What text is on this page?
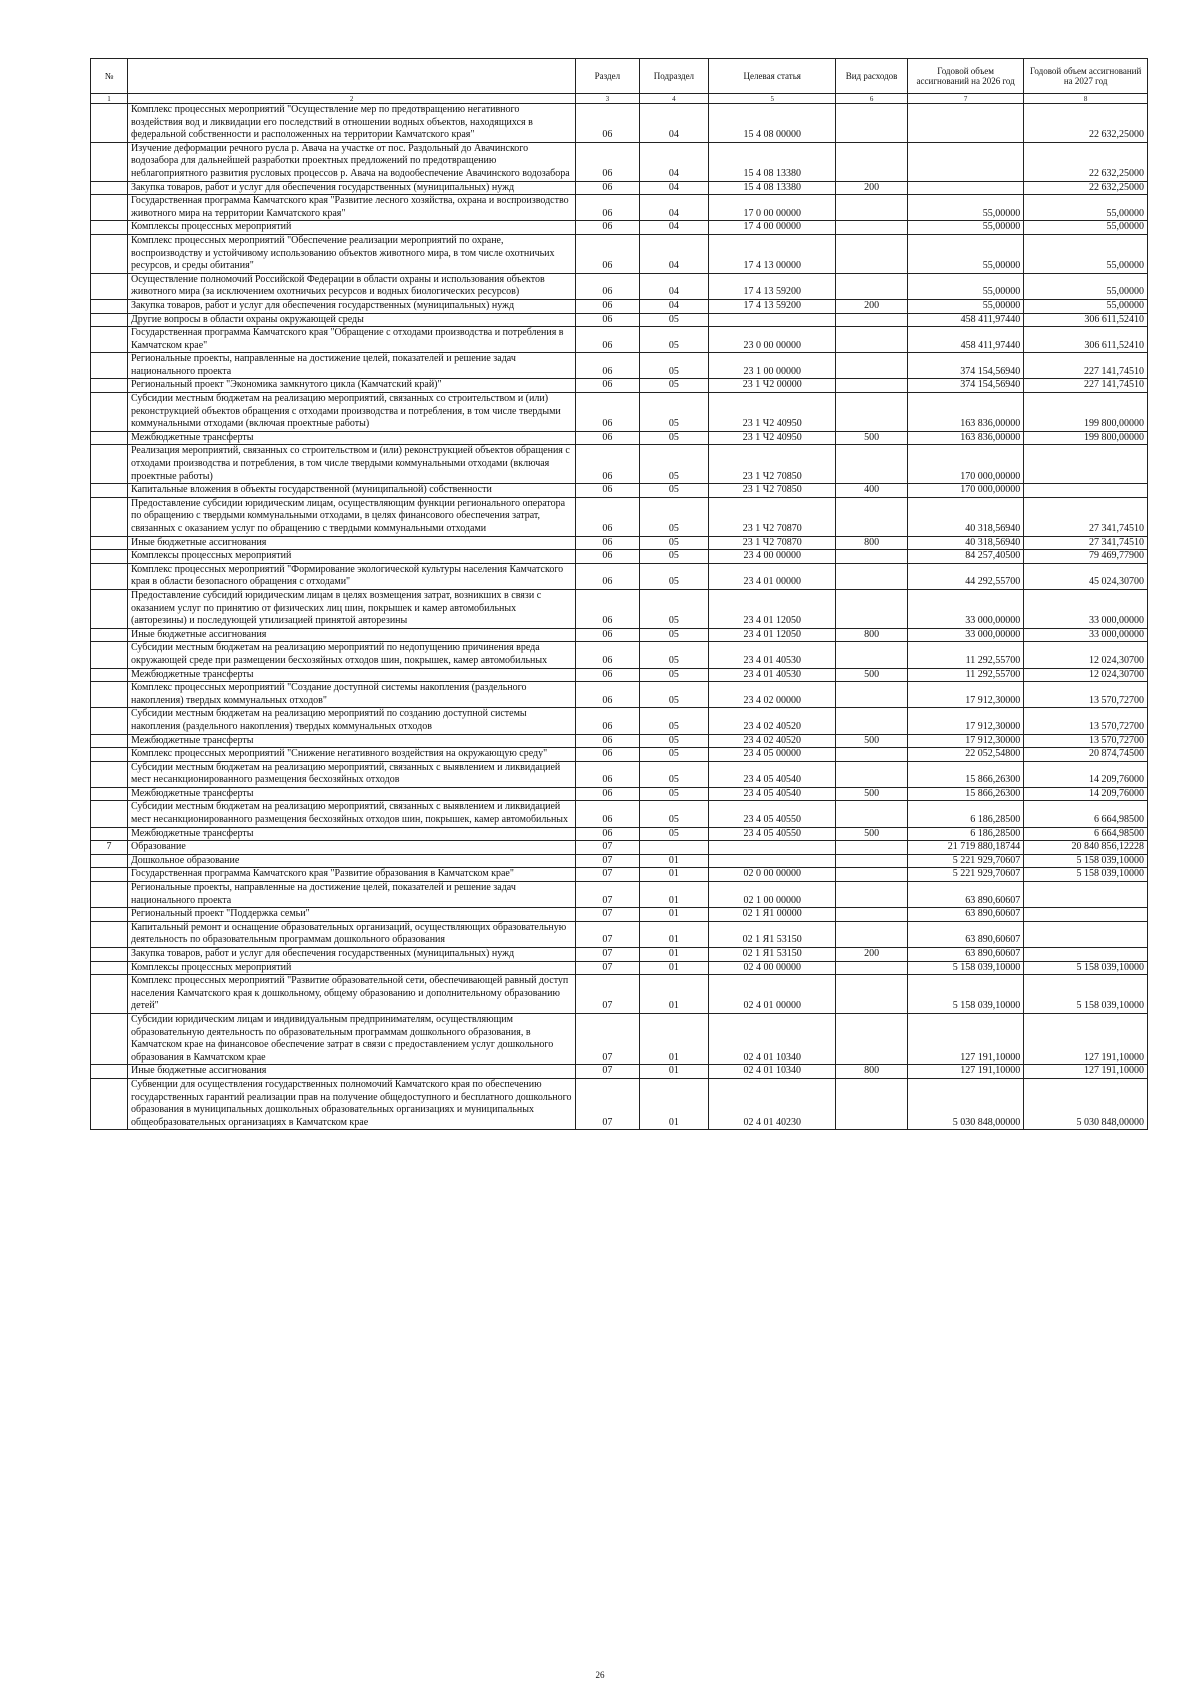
№		Раздел	Подраздел	Целевая статья	Вид расходов	Годовой объем ассигнований на 2026 год	Годовой объем ассигнований на 2027 год
1	2	3	4	5	6	7	8
	Комплекс процессных мероприятий "Осуществление мер по предотвращению негативного воздействия вод и ликвидации его последствий в отношении водных объектов, находящихся в федеральной собственности и расположенных на территории Камчатского края"	06	04	15 4 08 00000			22 632,25000
	Изучение деформации речного русла р. Авача на участке от пос. Раздольный до Авачинского водозабора для дальнейшей разработки проектных предложений по предотвращению неблагоприятного развития русловых процессов р. Авача на водообеспечение Авачинского водозабора	06	04	15 4 08 13380			22 632,25000
	Закупка товаров, работ и услуг для обеспечения государственных (муниципальных) нужд	06	04	15 4 08 13380	200		22 632,25000
	Государственная программа Камчатского края "Развитие лесного хозяйства, охрана и воспроизводство животного мира на территории Камчатского края"	06	04	17 0 00 00000		55,00000	55,00000
	Комплексы процессных мероприятий	06	04	17 4 00 00000		55,00000	55,00000
	Комплекс процессных мероприятий "Обеспечение реализации мероприятий по охране, воспроизводству и устойчивому использованию объектов животного мира, в том числе охотничьих ресурсов, и среды обитания"	06	04	17 4 13 00000		55,00000	55,00000
	Осуществление полномочий Российской Федерации в области охраны и использования объектов животного мира (за исключением охотничьих ресурсов и водных биологических ресурсов)	06	04	17 4 13 59200		55,00000	55,00000
	Закупка товаров, работ и услуг для обеспечения государственных (муниципальных) нужд	06	04	17 4 13 59200	200	55,00000	55,00000
	Другие вопросы в области охраны окружающей среды	06	05			458 411,97440	306 611,52410
	Государственная программа Камчатского края "Обращение с отходами производства и потребления в Камчатском крае"	06	05	23 0 00 00000		458 411,97440	306 611,52410
	Региональные проекты, направленные на достижение целей, показателей и решение задач национального проекта	06	05	23 1 00 00000		374 154,56940	227 141,74510
	Региональный проект "Экономика замкнутого цикла (Камчатский край)"	06	05	23 1 Ч2 00000		374 154,56940	227 141,74510
	Субсидии местным бюджетам на реализацию мероприятий, связанных со строительством и (или) реконструкцией объектов обращения с отходами производства и потребления, в том числе твердыми коммунальными отходами (включая проектные работы)	06	05	23 1 Ч2 40950		163 836,00000	199 800,00000
	Межбюджетные трансферты	06	05	23 1 Ч2 40950	500	163 836,00000	199 800,00000
	Реализация мероприятий, связанных со строительством и (или) реконструкцией объектов обращения с отходами производства и потребления, в том числе твердыми коммунальными отходами (включая проектные работы)	06	05	23 1 Ч2 70850		170 000,00000	
	Капитальные вложения в объекты государственной (муниципальной) собственности	06	05	23 1 Ч2 70850	400	170 000,00000	
	Предоставление субсидии юридическим лицам, осуществляющим функции регионального оператора по обращению с твердыми коммунальными отходами, в целях финансового обеспечения затрат, связанных с оказанием услуг по обращению с твердыми коммунальными отходами	06	05	23 1 Ч2 70870		40 318,56940	27 341,74510
	Иные бюджетные ассигнования	06	05	23 1 Ч2 70870	800	40 318,56940	27 341,74510
	Комплексы процессных мероприятий	06	05	23 4 00 00000		84 257,40500	79 469,77900
	Комплекс процессных мероприятий "Формирование экологической культуры населения Камчатского края в области безопасного обращения с отходами"	06	05	23 4 01 00000		44 292,55700	45 024,30700
	Предоставление субсидий юридическим лицам в целях возмещения затрат, возникших в связи с оказанием услуг по принятию от физических лиц шин, покрышек и камер автомобильных (авторезины) и последующей утилизацией принятой авторезины	06	05	23 4 01 12050		33 000,00000	33 000,00000
	Иные бюджетные ассигнования	06	05	23 4 01 12050	800	33 000,00000	33 000,00000
	Субсидии местным бюджетам на реализацию мероприятий по недопущению причинения вреда окружающей среде при размещении бесхозяйных отходов шин, покрышек, камер автомобильных	06	05	23 4 01 40530		11 292,55700	12 024,30700
	Межбюджетные трансферты	06	05	23 4 01 40530	500	11 292,55700	12 024,30700
	Комплекс процессных мероприятий "Создание доступной системы накопления (раздельного накопления) твердых коммунальных отходов"	06	05	23 4 02 00000		17 912,30000	13 570,72700
	Субсидии местным бюджетам на реализацию мероприятий по созданию доступной системы накопления (раздельного накопления) твердых коммунальных отходов	06	05	23 4 02 40520		17 912,30000	13 570,72700
	Межбюджетные трансферты	06	05	23 4 02 40520	500	17 912,30000	13 570,72700
	Комплекс процессных мероприятий "Снижение негативного воздействия на окружающую среду"	06	05	23 4 05 00000		22 052,54800	20 874,74500
	Субсидии местным бюджетам на реализацию мероприятий, связанных с выявлением и ликвидацией мест несанкционированного размещения бесхозяйных отходов	06	05	23 4 05 40540		15 866,26300	14 209,76000
	Межбюджетные трансферты	06	05	23 4 05 40540	500	15 866,26300	14 209,76000
	Субсидии местным бюджетам на реализацию мероприятий, связанных с выявлением и ликвидацией мест несанкционированного размещения бесхозяйных отходов шин, покрышек, камер автомобильных	06	05	23 4 05 40550		6 186,28500	6 664,98500
	Межбюджетные трансферты	06	05	23 4 05 40550	500	6 186,28500	6 664,98500
7	Образование	07				21 719 880,18744	20 840 856,12228
	Дошкольное образование	07	01			5 221 929,70607	5 158 039,10000
	Государственная программа Камчатского края "Развитие образования в Камчатском крае"	07	01	02 0 00 00000		5 221 929,70607	5 158 039,10000
	Региональные проекты, направленные на достижение целей, показателей и решение задач национального проекта	07	01	02 1 00 00000		63 890,60607	
	Региональный проект "Поддержка семьи"	07	01	02 1 Я1 00000		63 890,60607	
	Капитальный ремонт и оснащение образовательных организаций, осуществляющих образовательную деятельность по образовательным программам дошкольного образования	07	01	02 1 Я1 53150		63 890,60607	
	Закупка товаров, работ и услуг для обеспечения государственных (муниципальных) нужд	07	01	02 1 Я1 53150	200	63 890,60607	
	Комплексы процессных мероприятий	07	01	02 4 00 00000		5 158 039,10000	5 158 039,10000
	Комплекс процессных мероприятий "Развитие образовательной сети, обеспечивающей равный доступ населения Камчатского края к дошкольному, общему образованию и дополнительному образованию детей"	07	01	02 4 01 00000		5 158 039,10000	5 158 039,10000
	Субсидии юридическим лицам и индивидуальным предпринимателям, осуществляющим образовательную деятельность по образовательным программам дошкольного образования, в Камчатском крае на финансовое обеспечение затрат в связи с предоставлением услуг дошкольного образования в Камчатском крае	07	01	02 4 01 10340		127 191,10000	127 191,10000
	Иные бюджетные ассигнования	07	01	02 4 01 10340	800	127 191,10000	127 191,10000
	Субвенции для осуществления государственных полномочий Камчатского края по обеспечению государственных гарантий реализации прав на получение общедоступного и бесплатного дошкольного образования в муниципальных дошкольных образовательных организациях и муниципальных общеобразовательных организациях в Камчатском крае	07	01	02 4 01 40230		5 030 848,00000	5 030 848,00000
26
